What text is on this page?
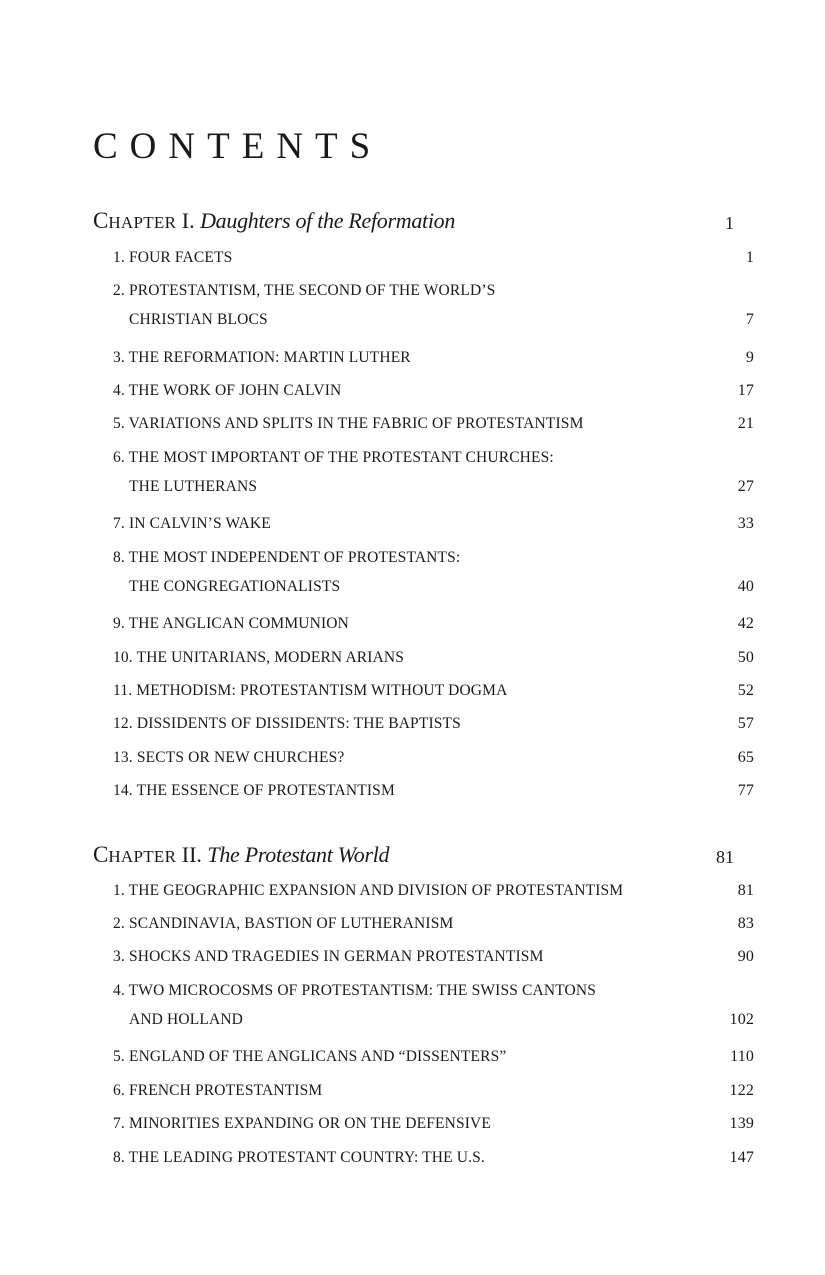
CONTENTS
CHAPTER I. Daughters of the Reformation	1
1. FOUR FACETS	1
2. PROTESTANTISM, THE SECOND OF THE WORLD’S
CHRISTIAN BLOCS	7
3. THE REFORMATION: MARTIN LUTHER	9
4. THE WORK OF JOHN CALVIN	17
5. VARIATIONS AND SPLITS IN THE FABRIC OF PROTESTANTISM	21
6. THE MOST IMPORTANT OF THE PROTESTANT CHURCHES:
THE LUTHERANS	27
7. IN CALVIN’S WAKE	33
8. THE MOST INDEPENDENT OF PROTESTANTS:
THE CONGREGATIONALISTS	40
9. THE ANGLICAN COMMUNION	42
10. THE UNITARIANS, MODERN ARIANS	50
11. METHODISM: PROTESTANTISM WITHOUT DOGMA	52
12. DISSIDENTS OF DISSIDENTS: THE BAPTISTS	57
13. SECTS OR NEW CHURCHES?	65
14. THE ESSENCE OF PROTESTANTISM	77
CHAPTER II. The Protestant World	81
1. THE GEOGRAPHIC EXPANSION AND DIVISION OF PROTESTANTISM	81
2. SCANDINAVIA, BASTION OF LUTHERANISM	83
3. SHOCKS AND TRAGEDIES IN GERMAN PROTESTANTISM	90
4. TWO MICROCOSMS OF PROTESTANTISM: THE SWISS CANTONS
AND HOLLAND	102
5. ENGLAND OF THE ANGLICANS AND “DISSENTERS”	110
6. FRENCH PROTESTANTISM	122
7. MINORITIES EXPANDING OR ON THE DEFENSIVE	139
8. THE LEADING PROTESTANT COUNTRY: THE U.S.	147
